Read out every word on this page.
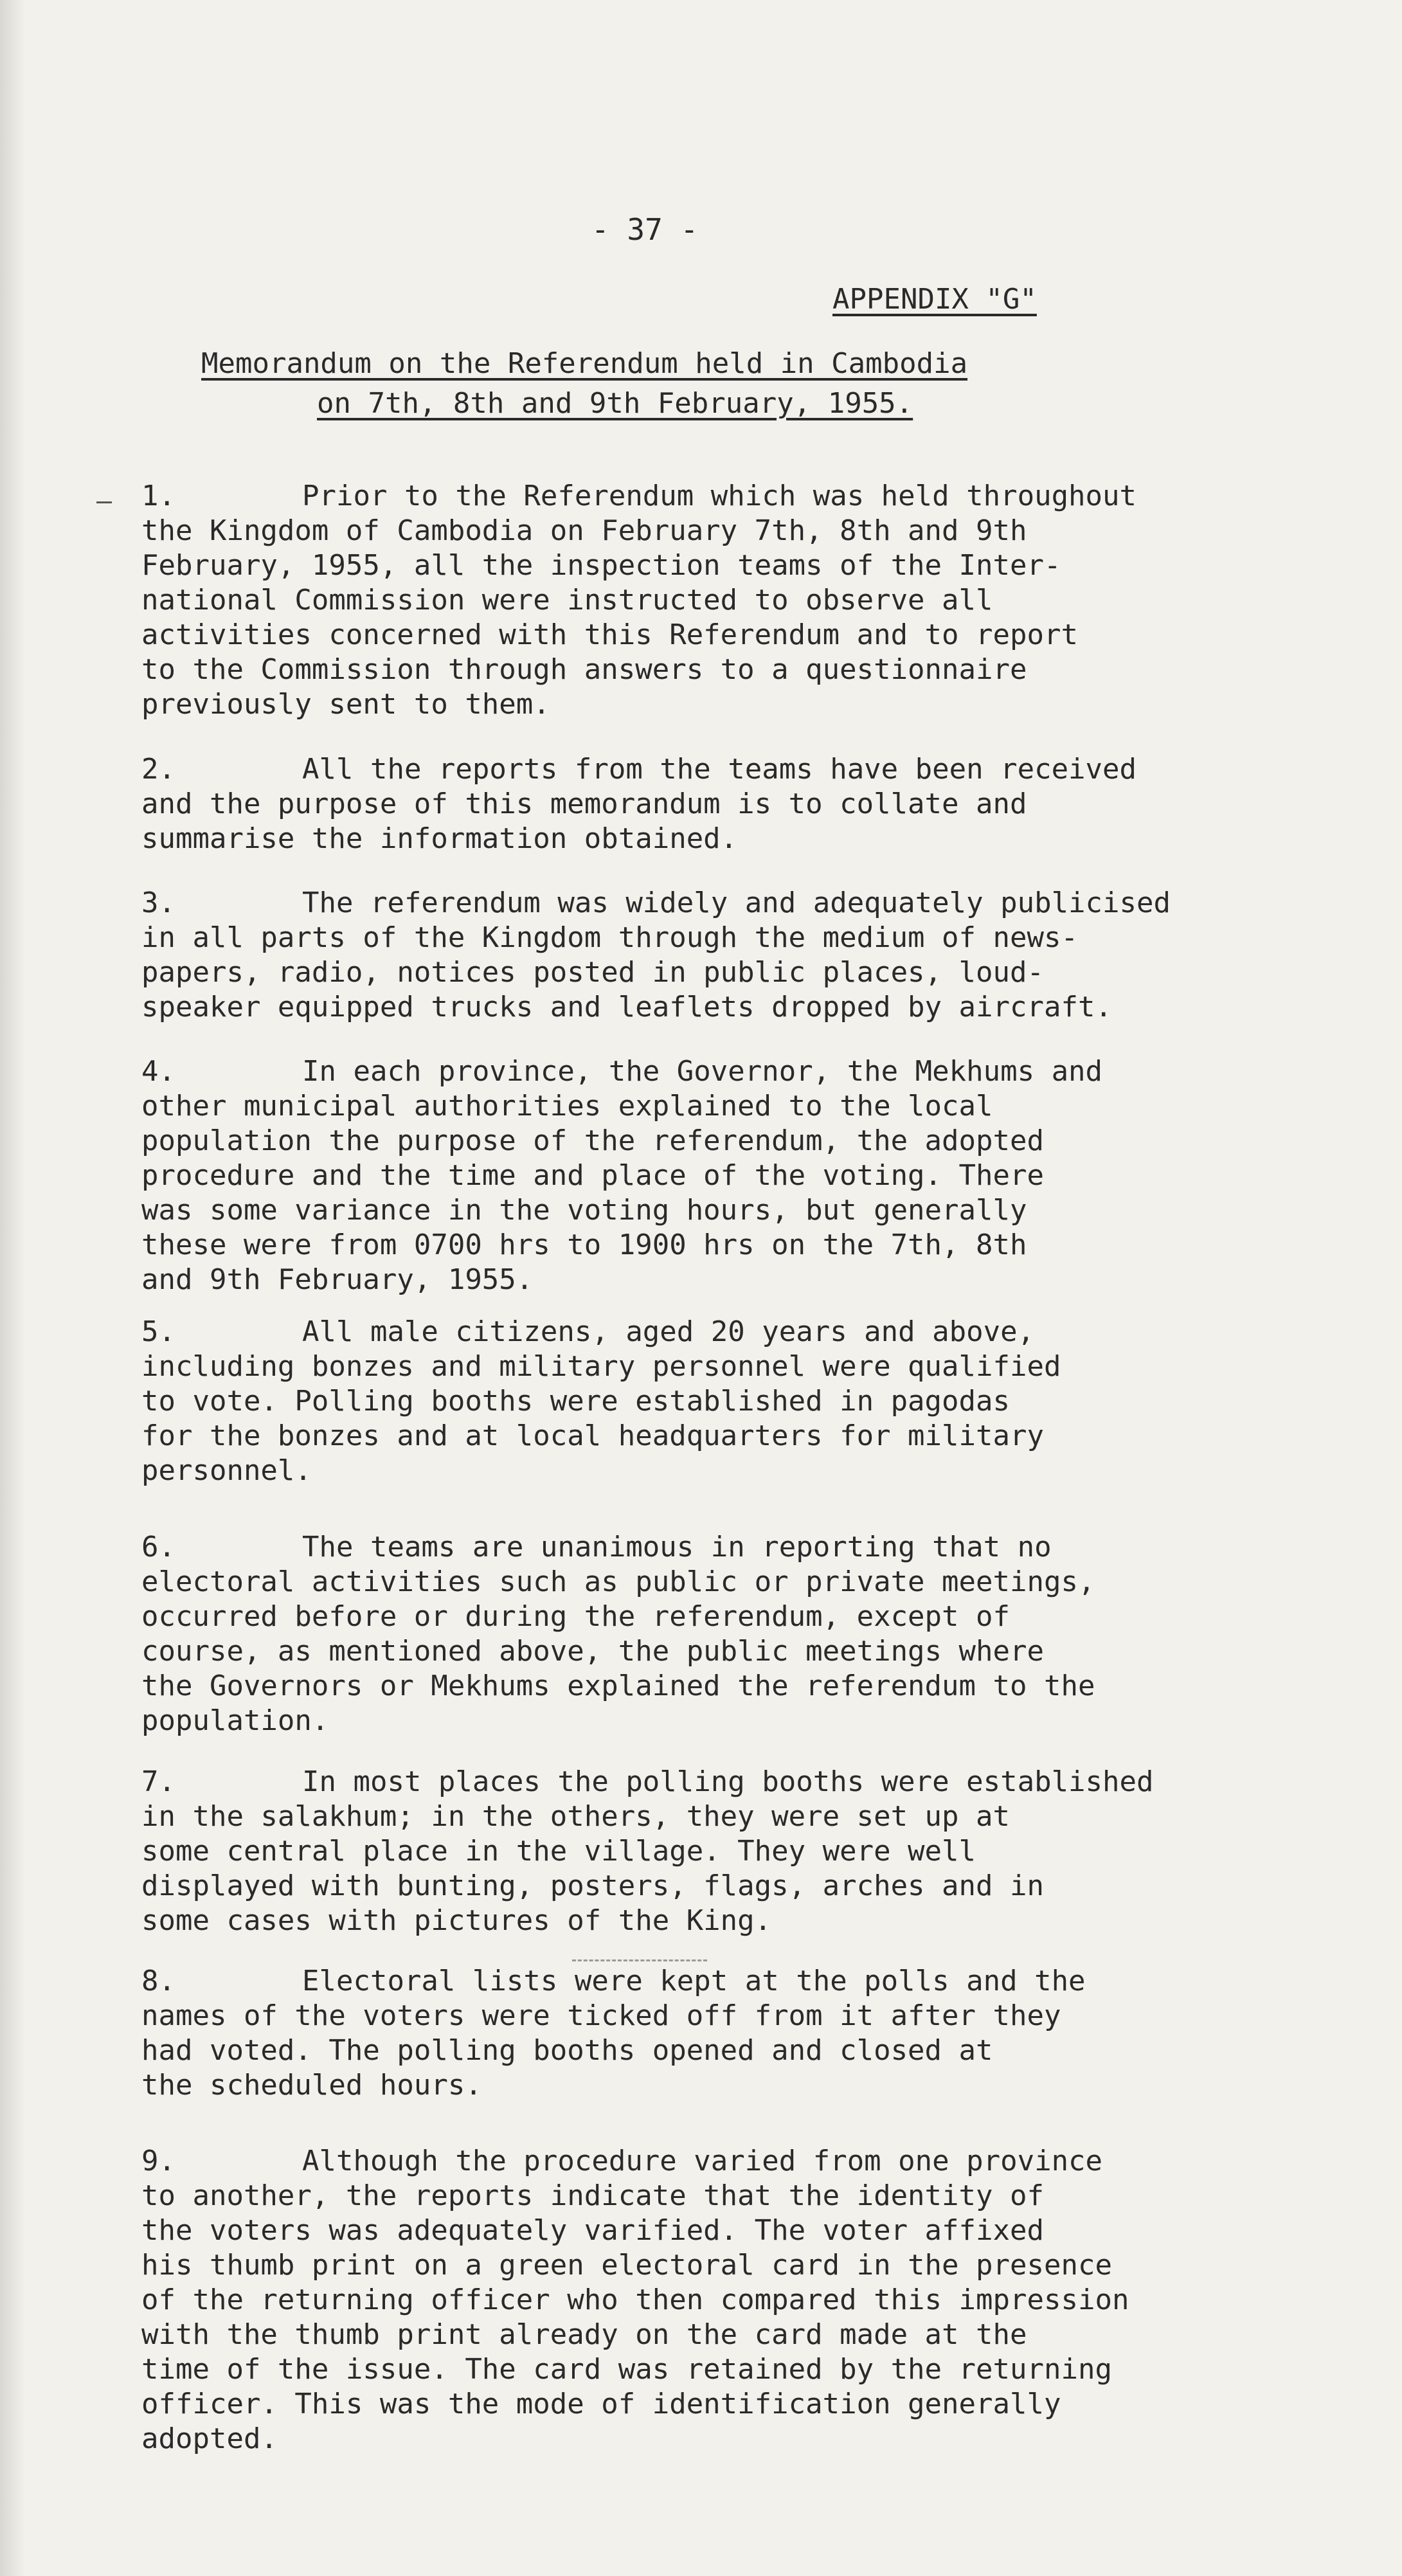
- 37 -
APPENDIX "G"
Memorandum on the Referendum held in Cambodia
on 7th, 8th and 9th February, 1955.
1.	Prior to the Referendum which was held throughout
the Kingdom of Cambodia on February 7th, 8th and 9th
February, 1955, all the inspection teams of the Inter-
national Commission were instructed to observe all
activities concerned with this Referendum and to report
to the Commission through answers to a questionnaire
previously sent to them.
2.	All the reports from the teams have been received
and the purpose of this memorandum is to collate and
summarise the information obtained.
3.	The referendum was widely and adequately publicised
in all parts of the Kingdom through the medium of news-
papers, radio, notices posted in public places, loud-
speaker equipped trucks and leaflets dropped by aircraft.
4.	In each province, the Governor, the Mekhums and
other municipal authorities explained to the local
population the purpose of the referendum, the adopted
procedure and the time and place of the voting. There
was some variance in the voting hours, but generally
these were from 0700 hrs to 1900 hrs on the 7th, 8th
and 9th February, 1955.
5.	All male citizens, aged 20 years and above,
including bonzes and military personnel were qualified
to vote. Polling booths were established in pagodas
for the bonzes and at local headquarters for military
personnel.
6.	The teams are unanimous in reporting that no
electoral activities such as public or private meetings,
occurred before or during the referendum, except of
course, as mentioned above, the public meetings where
the Governors or Mekhums explained the referendum to the
population.
7.	In most places the polling booths were established
in the salakhum; in the others, they were set up at
some central place in the village. They were well
displayed with bunting, posters, flags, arches and in
some cases with pictures of the King.
8.	Electoral lists were kept at the polls and the
names of the voters were ticked off from it after they
had voted. The polling booths opened and closed at
the scheduled hours.
9.	Although the procedure varied from one province
to another, the reports indicate that the identity of
the voters was adequately varified. The voter affixed
his thumb print on a green electoral card in the presence
of the returning officer who then compared this impression
with the thumb print already on the card made at the
time of the issue. The card was retained by the returning
officer. This was the mode of identification generally
adopted.
